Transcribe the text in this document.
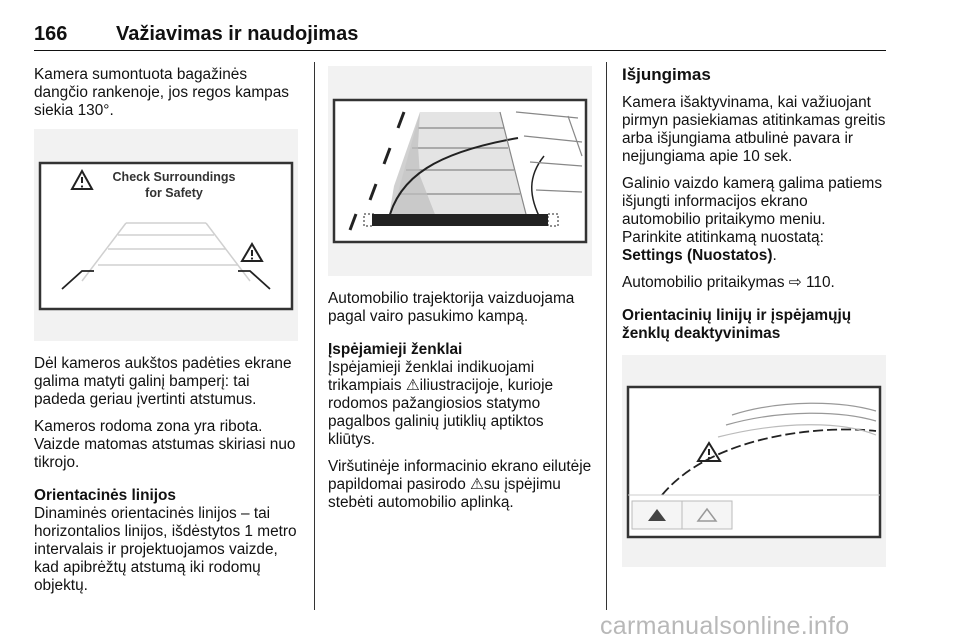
166 Važiavimas ir naudojimas

Kamera sumontuota bagažinės dangčio rankenoje, jos regos kampas siekia 130°.

Check Surroundings
for Safety

Dėl kameros aukštos padėties ekrane galima matyti galinį bamperį: tai padeda geriau įvertinti atstumus.

Kameros rodoma zona yra ribota. Vaizde matomas atstumas skiriasi nuo tikrojo.

Orientacinės linijos

Dinaminės orientacinės linijos – tai horizontalios linijos, išdėstytos 1 metro intervalais ir projektuojamos vaizde, kad apibrėžtų atstumą iki rodomų objektų.

Automobilio trajektorija vaizduojama pagal vairo pasukimo kampą.

Įspėjamieji ženklai

Įspėjamieji ženklai indikuojami trikampiais ⚠iliustracijoje, kurioje rodomos pažangiosios statymo pagalbos galinių jutiklių aptiktos kliūtys.

Viršutinėje informacinio ekrano eilutėje papildomai pasirodo ⚠su įspėjimu stebėti automobilio aplinką.

Išjungimas

Kamera išaktyvinama, kai važiuojant pirmyn pasiekiamas atitinkamas greitis arba išjungiama atbulinė pavara ir neįjungiama apie 10 sek.

Galinio vaizdo kamerą galima patiems išjungti informacijos ekrano automobilio pritaikymo meniu. Parinkite atitinkamą nuostatą: Settings (Nuostatos).

Automobilio pritaikymas ⇨ 110.

Orientacinių linijų ir įspėjamųjų ženklų deaktyvinimas

carmanualsonline.info
